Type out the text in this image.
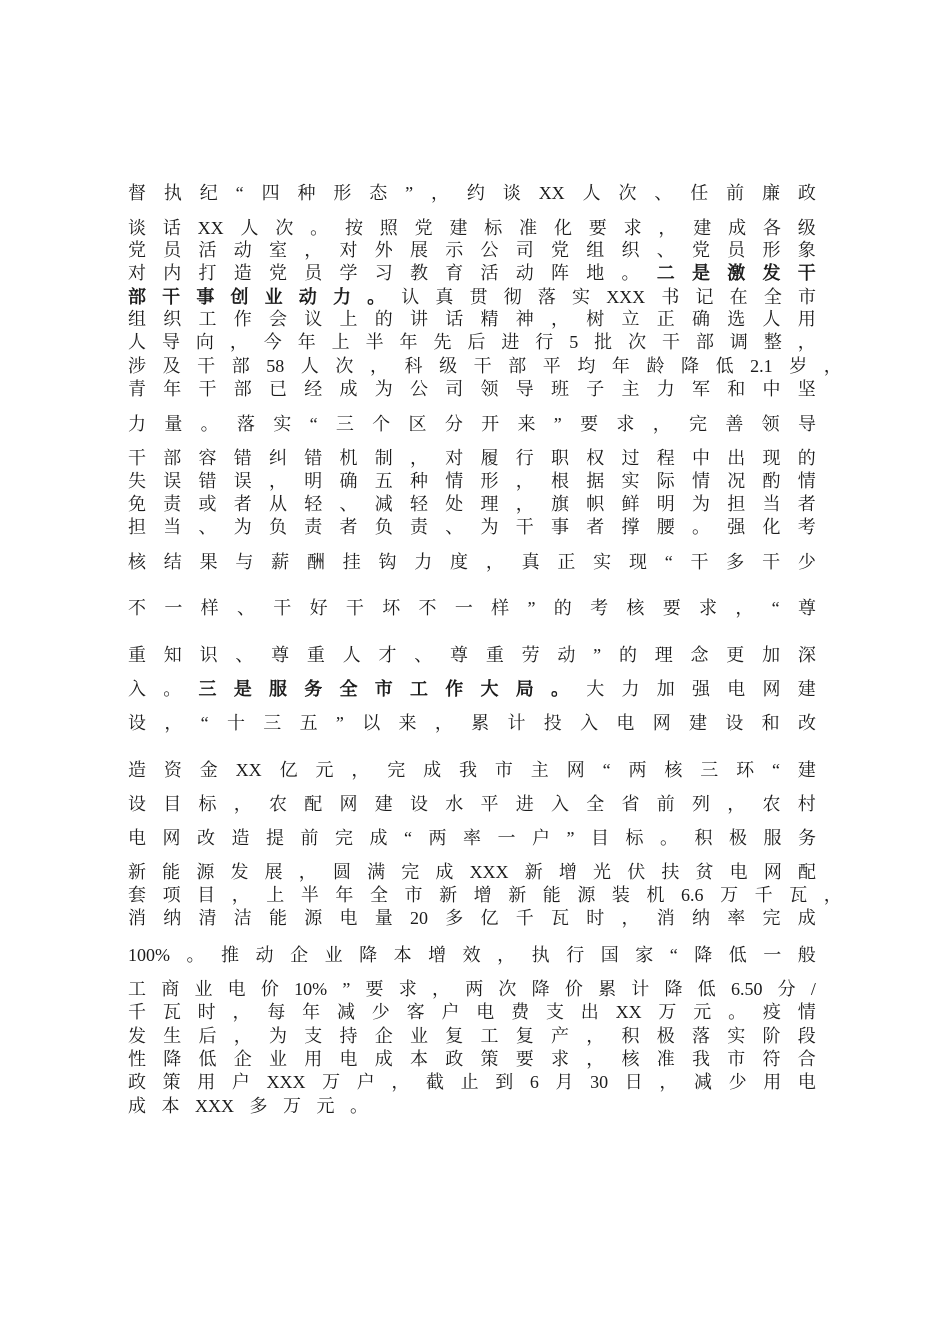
督 执 纪 “ 四 种 形 态 ” ， 约 谈 XX 人 次 、 任 前 廉 政
谈 话 XX 人 次 。 按 照 党 建 标 准 化 要 求 ， 建 成 各 级
党 员 活 动 室 ， 对 外 展 示 公 司 党 组 织 、 党 员 形 象
对 内 打 造 党 员 学 习 教 育 活 动 阵 地 。 二 是 激 发 干
部 干 事 创 业 动 力 。 认 真 贯 彻 落 实 XXX 书 记 在 全 市
组 织 工 作 会 议 上 的 讲 话 精 神 ， 树 立 正 确 选 人 用
人 导 向 ， 今 年 上 半 年 先 后 进 行 5 批 次 干 部 调 整 ，
涉 及 干 部 58 人 次 ， 科 级 干 部 平 均 年 龄 降 低 2.1 岁 ，
青 年 干 部 已 经 成 为 公 司 领 导 班 子 主 力 军 和 中 坚
力 量 。 落 实 “ 三 个 区 分 开 来 ” 要 求 ， 完 善 领 导
干 部 容 错 纠 错 机 制 ， 对 履 行 职 权 过 程 中 出 现 的
失 误 错 误 ， 明 确 五 种 情 形 ， 根 据 实 际 情 况 酌 情
免 责 或 者 从 轻 、 减 轻 处 理 ， 旗 帜 鲜 明 为 担 当 者
担 当 、 为 负 责 者 负 责 、 为 干 事 者 撑 腰 。 强 化 考
核 结 果 与 薪 酬 挂 钩 力 度 ， 真 正 实 现 “ 干 多 干 少
不 一 样 、 干 好 干 坏 不 一 样 ” 的 考 核 要 求 ， “ 尊
重 知 识 、 尊 重 人 才 、 尊 重 劳 动 ” 的 理 念 更 加 深
入 。 三 是 服 务 全 市 工 作 大 局 。 大 力 加 强 电 网 建
设 ， “ 十 三 五 ” 以 来 ， 累 计 投 入 电 网 建 设 和 改
造 资 金 XX 亿 元 ， 完 成 我 市 主 网 “ 两 核 三 环 “ 建
设 目 标 ， 农 配 网 建 设 水 平 进 入 全 省 前 列 ， 农 村
电 网 改 造 提 前 完 成 “ 两 率 一 户 ” 目 标 。 积 极 服 务
新 能 源 发 展 ， 圆 满 完 成 XXX 新 增 光 伏 扶 贫 电 网 配
套 项 目 ， 上 半 年 全 市 新 增 新 能 源 装 机 6.6 万 千 瓦 ，
消 纳 清 洁 能 源 电 量 20 多 亿 千 瓦 时 ， 消 纳 率 完 成
100% 。 推 动 企 业 降 本 增 效 ， 执 行 国 家 “ 降 低 一 般
工 商 业 电 价 10% ” 要 求 ， 两 次 降 价 累 计 降 低 6.50 分 /
千 瓦 时 ， 每 年 减 少 客 户 电 费 支 出 XX 万 元 。 疫 情
发 生 后 ， 为 支 持 企 业 复 工 复 产 ， 积 极 落 实 阶 段
性 降 低 企 业 用 电 成 本 政 策 要 求 ， 核 准 我 市 符 合
政 策 用 户 XXX 万 户 ， 截 止 到 6 月 30 日 ， 减 少 用 电
成 本 XXX 多 万 元 。
